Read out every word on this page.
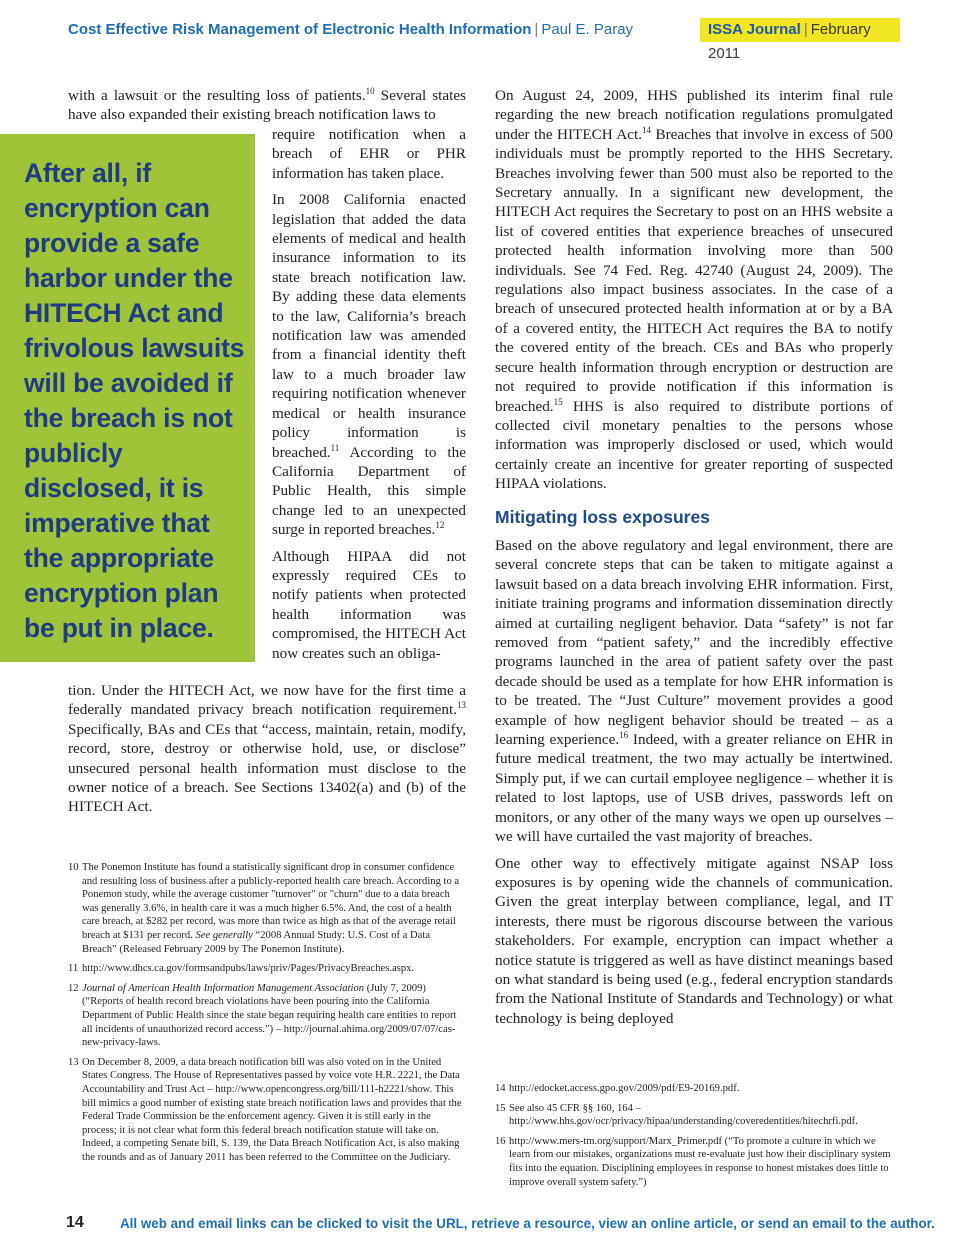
Cost Effective Risk Management of Electronic Health Information | Paul E. Paray	ISSA Journal | February 2011

with a lawsuit or the resulting loss of patients.$^{10}$ Several states have also expanded their existing breach notification laws to

After all, if encryption can provide a safe harbor under the HITECH Act and frivolous lawsuits will be avoided if the breach is not publicly disclosed, it is imperative that the appropriate encryption plan be put in place.

require notification when a breach of EHR or PHR information has taken place.

In 2008 California enacted legislation that added the data elements of medical and health insurance information to its state breach notification law. By adding these data elements to the law, California’s breach notification law was amended from a financial identity theft law to a much broader law requiring notification whenever medical or health insurance policy information is breached.$^{11}$ According to the California Department of Public Health, this simple change led to an unexpected surge in reported breaches.$^{12}$

Although HIPAA did not expressly required CEs to notify patients when protected health information was compromised, the HITECH Act now creates such an obliga-

tion. Under the HITECH Act, we now have for the first time a federally mandated privacy breach notification requirement.$^{13}$ Specifically, BAs and CEs that “access, maintain, retain, modify, record, store, destroy or otherwise hold, use, or disclose” unsecured personal health information must disclose to the owner notice of a breach. See Sections 13402(a) and (b) of the HITECH Act.

10 The Ponemon Institute has found a statistically significant drop in consumer confidence and resulting loss of business after a publicly-reported health care breach. According to a Ponemon study, while the average customer "turnover" or "churn" due to a data breach was generally 3.6%, in health care it was a much higher 6.5%. And, the cost of a health care breach, at $282 per record, was more than twice as high as that of the average retail breach at $131 per record. See generally “2008 Annual Study: U.S. Cost of a Data Breach” (Released February 2009 by The Ponemon Institute).
11 http://www.dhcs.ca.gov/formsandpubs/laws/priv/Pages/PrivacyBreaches.aspx.
12 Journal of American Health Information Management Association (July 7, 2009) (“Reports of health record breach violations have been pouring into the California Department of Public Health since the state began requiring health care entities to report all incidents of unauthorized record access.”) – http://journal.ahima.org/2009/07/07/cas-new-privacy-laws.
13 On December 8, 2009, a data breach notification bill was also voted on in the United States Congress. The House of Representatives passed by voice vote H.R. 2221, the Data Accountability and Trust Act – http://www.opencongress.org/bill/111-h2221/show. This bill mimics a good number of existing state breach notification laws and provides that the Federal Trade Commission be the enforcement agency. Given it is still early in the process; it is not clear what form this federal breach notification statute will take on. Indeed, a competing Senate bill, S. 139, the Data Breach Notification Act, is also making the rounds and as of January 2011 has been referred to the Committee on the Judiciary.

On August 24, 2009, HHS published its interim final rule regarding the new breach notification regulations promulgated under the HITECH Act.$^{14}$ Breaches that involve in excess of 500 individuals must be promptly reported to the HHS Secretary. Breaches involving fewer than 500 must also be reported to the Secretary annually. In a significant new development, the HITECH Act requires the Secretary to post on an HHS website a list of covered entities that experience breaches of unsecured protected health information involving more than 500 individuals. See 74 Fed. Reg. 42740 (August 24, 2009). The regulations also impact business associates. In the case of a breach of unsecured protected health information at or by a BA of a covered entity, the HITECH Act requires the BA to notify the covered entity of the breach. CEs and BAs who properly secure health information through encryption or destruction are not required to provide notification if this information is breached.$^{15}$ HHS is also required to distribute portions of collected civil monetary penalties to the persons whose information was improperly disclosed or used, which would certainly create an incentive for greater reporting of suspected HIPAA violations.

Mitigating loss exposures

Based on the above regulatory and legal environment, there are several concrete steps that can be taken to mitigate against a lawsuit based on a data breach involving EHR information. First, initiate training programs and information dissemination directly aimed at curtailing negligent behavior. Data “safety” is not far removed from “patient safety,” and the incredibly effective programs launched in the area of patient safety over the past decade should be used as a template for how EHR information is to be treated. The “Just Culture” movement provides a good example of how negligent behavior should be treated – as a learning experience.$^{16}$ Indeed, with a greater reliance on EHR in future medical treatment, the two may actually be intertwined. Simply put, if we can curtail employee negligence – whether it is related to lost laptops, use of USB drives, passwords left on monitors, or any other of the many ways we open up ourselves – we will have curtailed the vast majority of breaches.

One other way to effectively mitigate against NSAP loss exposures is by opening wide the channels of communication. Given the great interplay between compliance, legal, and IT interests, there must be rigorous discourse between the various stakeholders. For example, encryption can impact whether a notice statute is triggered as well as have distinct meanings based on what standard is being used (e.g., federal encryption standards from the National Institute of Standards and Technology) or what technology is being deployed

14 http://edocket.access.gpo.gov/2009/pdf/E9-20169.pdf.
15 See also 45 CFR §§ 160, 164 – http://www.hhs.gov/ocr/privacy/hipaa/understanding/coveredentities/hitechrfi.pdf.
16 http://www.mers-tm.org/support/Marx_Primer.pdf (“To promote a culture in which we learn from our mistakes, organizations must re-evaluate just how their disciplinary system fits into the equation. Disciplining employees in response to honest mistakes does little to improve overall system safety.”)
14	All web and email links can be clicked to visit the URL, retrieve a resource, view an online article, or send an email to the author.
